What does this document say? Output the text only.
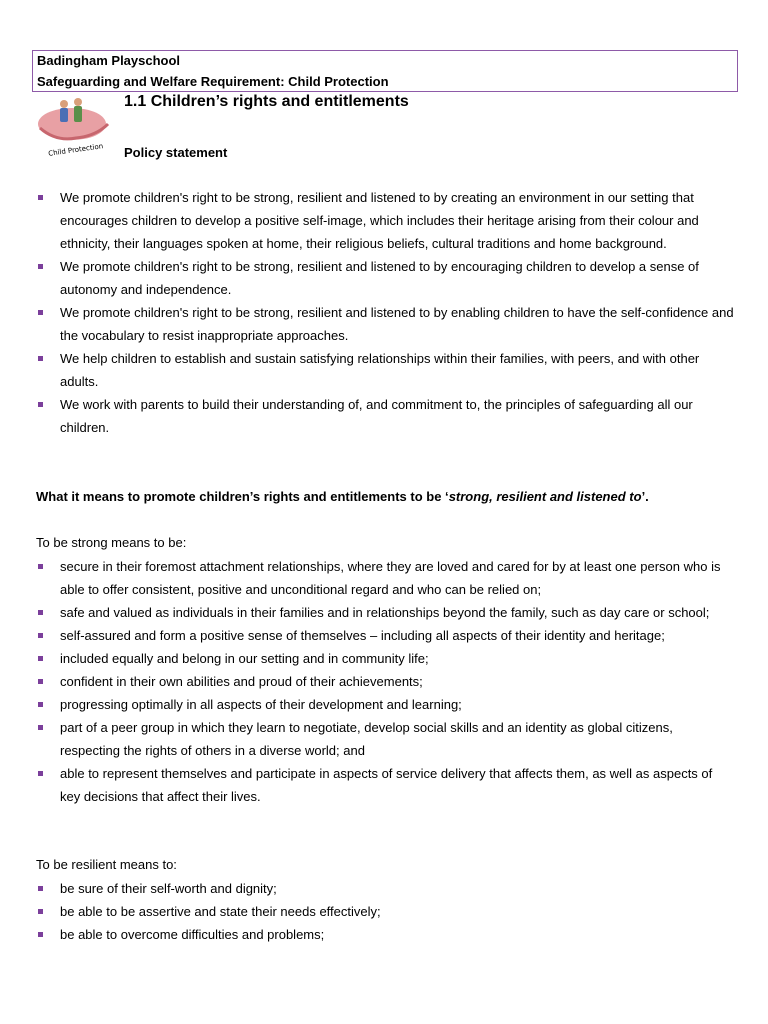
Badingham Playschool
Safeguarding and Welfare Requirement: Child Protection
Child Protection
1.1 Children’s rights and entitlements
Policy statement
We promote children's right to be strong, resilient and listened to by creating an environment in our setting that encourages children to develop a positive self-image, which includes their heritage arising from their colour and ethnicity, their languages spoken at home, their religious beliefs, cultural traditions and home background.
We promote children's right to be strong, resilient and listened to by encouraging children to develop a sense of autonomy and independence.
We promote children's right to be strong, resilient and listened to by enabling children to have the self-confidence and the vocabulary to resist inappropriate approaches.
We help children to establish and sustain satisfying relationships within their families, with peers, and with other adults.
We work with parents to build their understanding of, and commitment to, the principles of safeguarding all our children.
What it means to promote children’s rights and entitlements to be ‘strong, resilient and listened to’.
To be strong means to be:
secure in their foremost attachment relationships, where they are loved and cared for by at least one person who is able to offer consistent, positive and unconditional regard and who can be relied on;
safe and valued as individuals in their families and in relationships beyond the family, such as day care or school;
self-assured and form a positive sense of themselves – including all aspects of their identity and heritage;
included equally and belong in our setting and in community life;
confident in their own abilities and proud of their achievements;
progressing optimally in all aspects of their development and learning;
part of a peer group in which they learn to negotiate, develop social skills and an identity as global citizens, respecting the rights of others in a diverse world; and
able to represent themselves and participate in aspects of service delivery that affects them, as well as aspects of key decisions that affect their lives.
To be resilient means to:
be sure of their self-worth and dignity;
be able to be assertive and state their needs effectively;
be able to overcome difficulties and problems;
